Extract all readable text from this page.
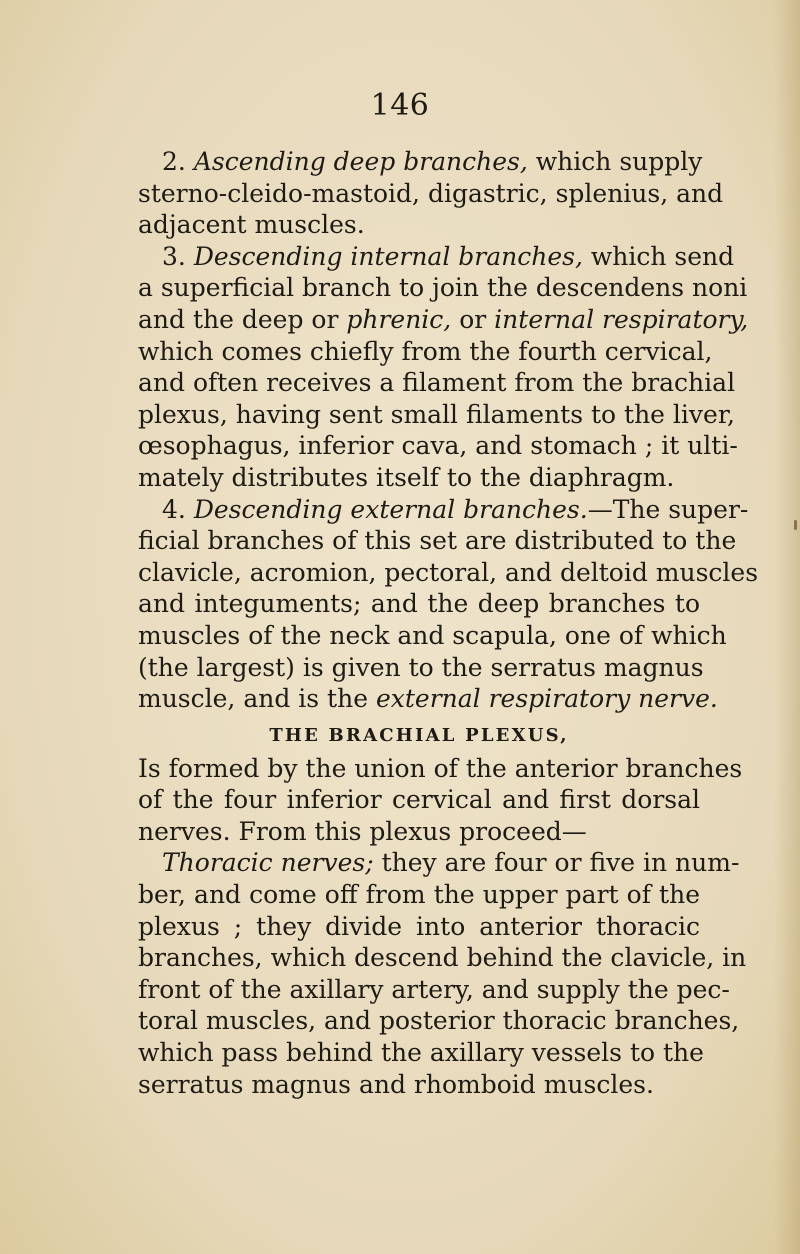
146
2. Ascending deep branches, which supply
sterno-cleido-mastoid, digastric, splenius, and
adjacent muscles.
3. Descending internal branches, which send
a superficial branch to join the descendens noni
and the deep or phrenic, or internal respiratory,
which comes chiefly from the fourth cervical,
and often receives a filament from the brachial
plexus, having sent small filaments to the liver,
œsophagus, inferior cava, and stomach ; it ulti-
mately distributes itself to the diaphragm.
4. Descending external branches.—The super-
ficial branches of this set are distributed to the
clavicle, acromion, pectoral, and deltoid muscles
and integuments; and the deep branches to
muscles of the neck and scapula, one of which
(the largest) is given to the serratus magnus
muscle, and is the external respiratory nerve.
THE BRACHIAL PLEXUS,
Is formed by the union of the anterior branches
of the four inferior cervical and first dorsal
nerves. From this plexus proceed—
Thoracic nerves; they are four or five in num-
ber, and come off from the upper part of the
plexus ; they divide into anterior thoracic
branches, which descend behind the clavicle, in
front of the axillary artery, and supply the pec-
toral muscles, and posterior thoracic branches,
which pass behind the axillary vessels to the
serratus magnus and rhomboid muscles.
